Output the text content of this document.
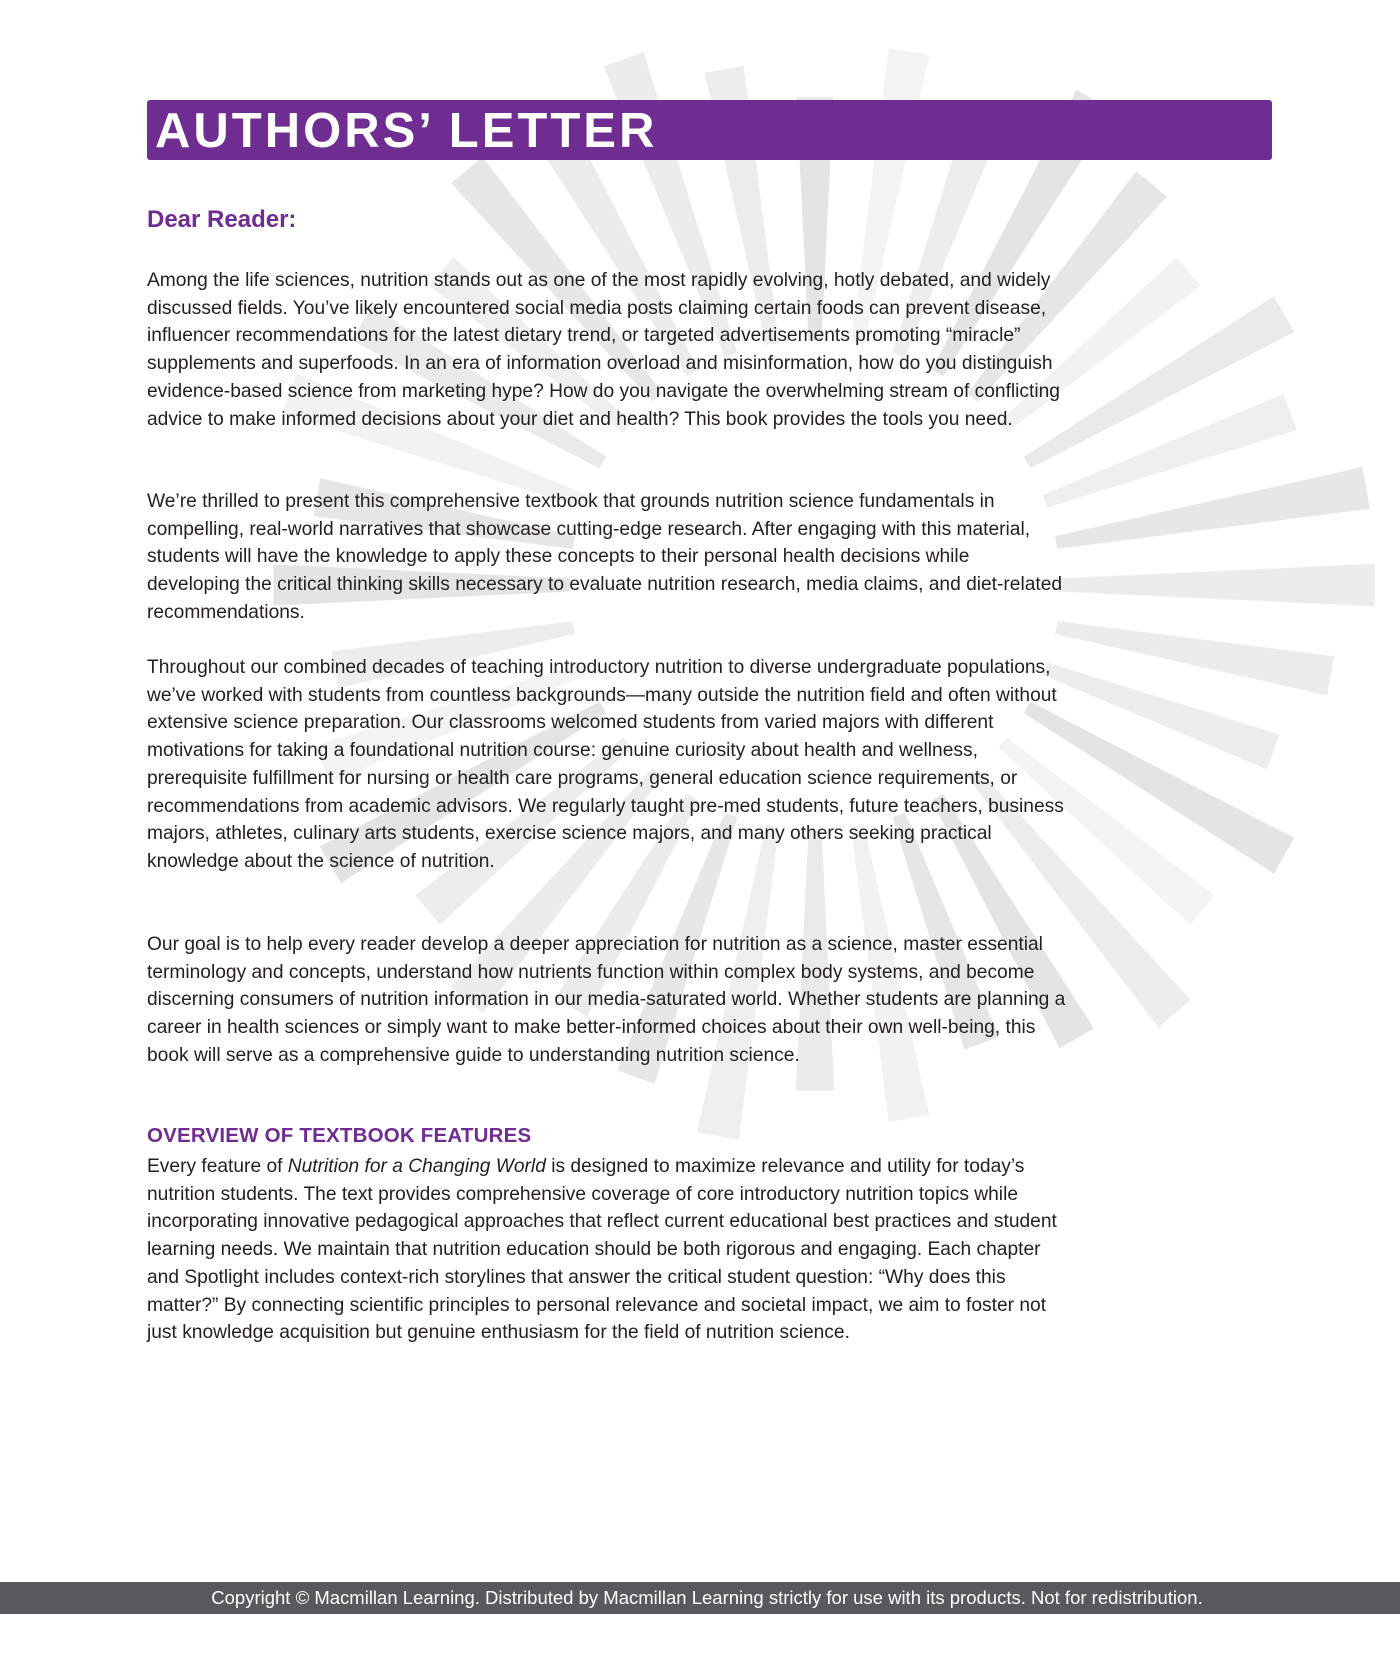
AUTHORS’ LETTER
Dear Reader:

Among the life sciences, nutrition stands out as one of the most rapidly evolving, hotly debated, and widely discussed fields. You’ve likely encountered social media posts claiming certain foods can prevent disease, influencer recommendations for the latest dietary trend, or targeted advertisements promoting “miracle” supplements and superfoods. In an era of information overload and misinformation, how do you distinguish evidence-based science from marketing hype? How do you navigate the overwhelming stream of conflicting advice to make informed decisions about your diet and health? This book provides the tools you need.

We’re thrilled to present this comprehensive textbook that grounds nutrition science fundamentals in compelling, real-world narratives that showcase cutting-edge research. After engaging with this material, students will have the knowledge to apply these concepts to their personal health decisions while developing the critical thinking skills necessary to evaluate nutrition research, media claims, and diet-related recommendations.

Throughout our combined decades of teaching introductory nutrition to diverse undergraduate populations, we’ve worked with students from countless backgrounds—many outside the nutrition field and often without extensive science preparation. Our classrooms welcomed students from varied majors with different motivations for taking a foundational nutrition course: genuine curiosity about health and wellness, prerequisite fulfillment for nursing or health care programs, general education science requirements, or recommendations from academic advisors. We regularly taught pre-med students, future teachers, business majors, athletes, culinary arts students, exercise science majors, and many others seeking practical knowledge about the science of nutrition.

Our goal is to help every reader develop a deeper appreciation for nutrition as a science, master essential terminology and concepts, understand how nutrients function within complex body systems, and become discerning consumers of nutrition information in our media-saturated world. Whether students are planning a career in health sciences or simply want to make better-informed choices about their own well-being, this book will serve as a comprehensive guide to understanding nutrition science.

OVERVIEW OF TEXTBOOK FEATURES

Every feature of Nutrition for a Changing World is designed to maximize relevance and utility for today’s nutrition students. The text provides comprehensive coverage of core introductory nutrition topics while incorporating innovative pedagogical approaches that reflect current educational best practices and student learning needs. We maintain that nutrition education should be both rigorous and engaging. Each chapter and Spotlight includes context-rich storylines that answer the critical student question: “Why does this matter?” By connecting scientific principles to personal relevance and societal impact, we aim to foster not just knowledge acquisition but genuine enthusiasm for the field of nutrition science.

Copyright © Macmillan Learning. Distributed by Macmillan Learning strictly for use with its products. Not for redistribution.
